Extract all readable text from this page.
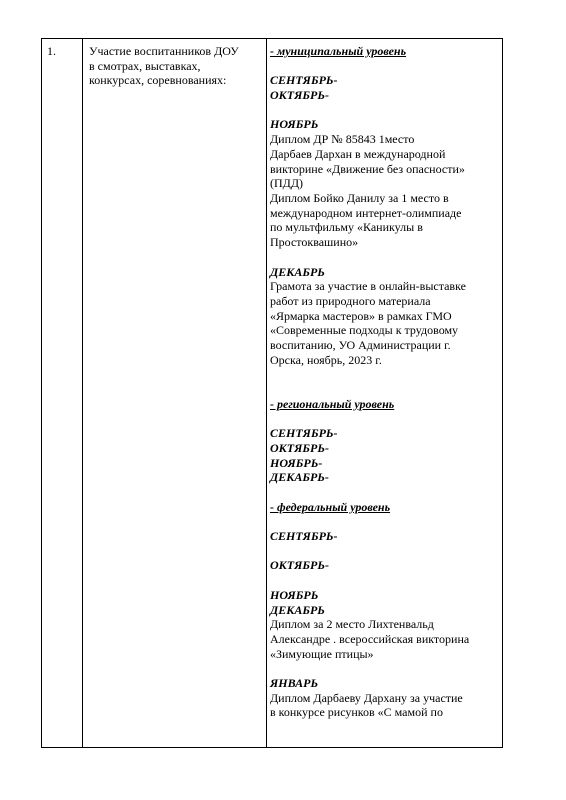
1.	Участие воспитанников ДОУ
в смотрах, выставках,
конкурсах, соревнованиях:
- муниципальный уровень
СЕНТЯБРЬ-
ОКТЯБРЬ-
НОЯБРЬ
Диплом ДР № 85843 1место
Дарбаев Дархан в международной
викторине «Движение без опасности»
(ПДД)
Диплом Бойко Данилу за 1 место в
международном интернет-олимпиаде
по мультфильму «Каникулы в
Простоквашино»
ДЕКАБРЬ
Грамота за участие в онлайн-выставке
работ из природного материала
«Ярмарка мастеров» в рамках ГМО
«Современные подходы к трудовому
воспитанию, УО Администрации г.
Орска, ноябрь, 2023 г.
- региональный уровень
СЕНТЯБРЬ-
ОКТЯБРЬ-
НОЯБРЬ-
ДЕКАБРЬ-
- федеральный уровень
СЕНТЯБРЬ-
ОКТЯБРЬ-
НОЯБРЬ
ДЕКАБРЬ
Диплом за 2 место Лихтенвальд
Александре . всероссийская викторина
«Зимующие птицы»
ЯНВАРЬ
Диплом Дарбаеву Дархану за участие
в конкурсе рисунков «С мамой по
